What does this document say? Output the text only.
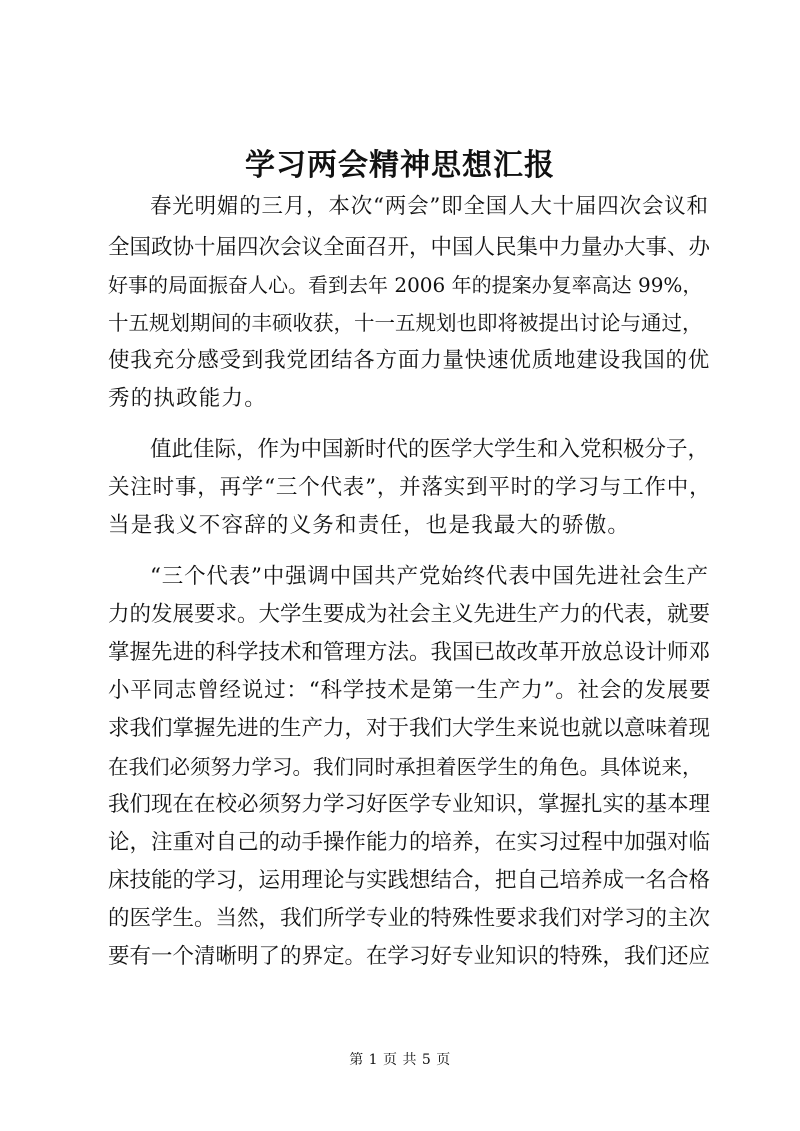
学习两会精神思想汇报
春光明媚的三月，本次“两会”即全国人大十届四次会议和
全国政协十届四次会议全面召开，中国人民集中力量办大事、办
好事的局面振奋人心。看到去年 2006 年的提案办复率高达 99%，
十五规划期间的丰硕收获，十一五规划也即将被提出讨论与通过，
使我充分感受到我党团结各方面力量快速优质地建设我国的优
秀的执政能力。
值此佳际，作为中国新时代的医学大学生和入党积极分子，
关注时事，再学“三个代表”，并落实到平时的学习与工作中，
当是我义不容辞的义务和责任，也是我最大的骄傲。
“三个代表”中强调中国共产党始终代表中国先进社会生产
力的发展要求。大学生要成为社会主义先进生产力的代表，就要
掌握先进的科学技术和管理方法。我国已故改革开放总设计师邓
小平同志曾经说过：“科学技术是第一生产力”。社会的发展要
求我们掌握先进的生产力，对于我们大学生来说也就以意味着现
在我们必须努力学习。我们同时承担着医学生的角色。具体说来，
我们现在在校必须努力学习好医学专业知识，掌握扎实的基本理
论，注重对自己的动手操作能力的培养，在实习过程中加强对临
床技能的学习，运用理论与实践想结合，把自己培养成一名合格
的医学生。当然，我们所学专业的特殊性要求我们对学习的主次
要有一个清晰明了的界定。在学习好专业知识的特殊，我们还应
第 1 页 共 5 页
